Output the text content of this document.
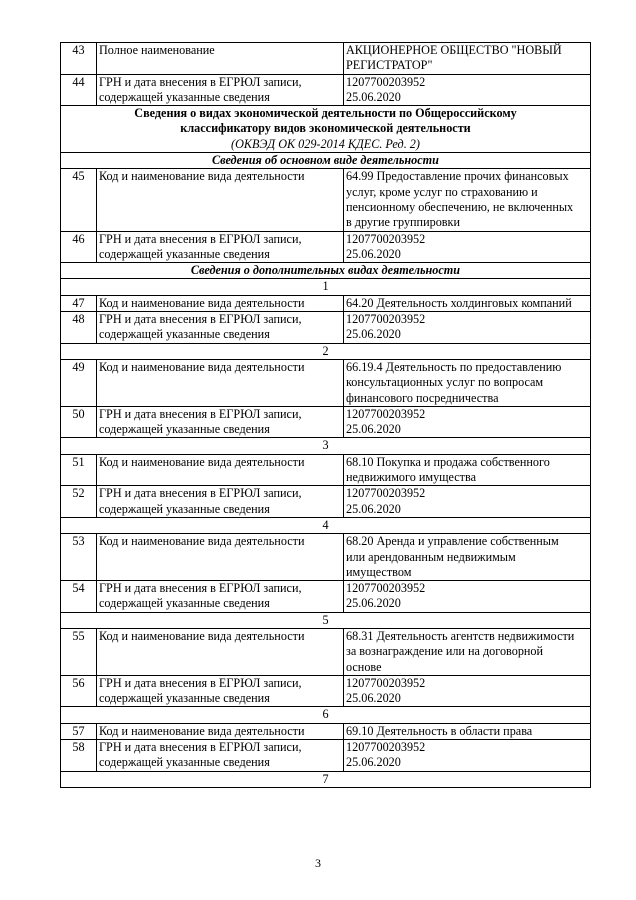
43	Полное наименование	АКЦИОНЕРНОЕ ОБЩЕСТВО "НОВЫЙ
РЕГИСТРАТОР"
44	ГРН и дата внесения в ЕГРЮЛ записи,
содержащей указанные сведения	1207700203952
25.06.2020

Сведения о видах экономической деятельности по Общероссийскому
классификатору видов экономической деятельности
(ОКВЭД ОК 029-2014 КДЕС. Ред. 2)		

Сведения об основном виде деятельности		
45	Код и наименование вида деятельности	64.99 Предоставление прочих финансовых
услуг, кроме услуг по страхованию и
пенсионному обеспечению, не включенных
в другие группировки
46	ГРН и дата внесения в ЕГРЮЛ записи,
содержащей указанные сведения	1207700203952
25.06.2020
Сведения о дополнительных видах деятельности		
1		
47	Код и наименование вида деятельности	64.20 Деятельность холдинговых компаний
48	ГРН и дата внесения в ЕГРЮЛ записи,
содержащей указанные сведения	1207700203952
25.06.2020
2		
49	Код и наименование вида деятельности	66.19.4 Деятельность по предоставлению
консультационных услуг по вопросам
финансового посредничества
50	ГРН и дата внесения в ЕГРЮЛ записи,
содержащей указанные сведения	1207700203952
25.06.2020
3		
51	Код и наименование вида деятельности	68.10 Покупка и продажа собственного
недвижимого имущества
52	ГРН и дата внесения в ЕГРЮЛ записи,
содержащей указанные сведения	1207700203952
25.06.2020
4		
53	Код и наименование вида деятельности	68.20 Аренда и управление собственным
или арендованным недвижимым
имуществом
54	ГРН и дата внесения в ЕГРЮЛ записи,
содержащей указанные сведения	1207700203952
25.06.2020
5		
55	Код и наименование вида деятельности	68.31 Деятельность агентств недвижимости
за вознаграждение или на договорной
основе
56	ГРН и дата внесения в ЕГРЮЛ записи,
содержащей указанные сведения	1207700203952
25.06.2020
6		
57	Код и наименование вида деятельности	69.10 Деятельность в области права
58	ГРН и дата внесения в ЕГРЮЛ записи,
содержащей указанные сведения	1207700203952
25.06.2020
7		
3
